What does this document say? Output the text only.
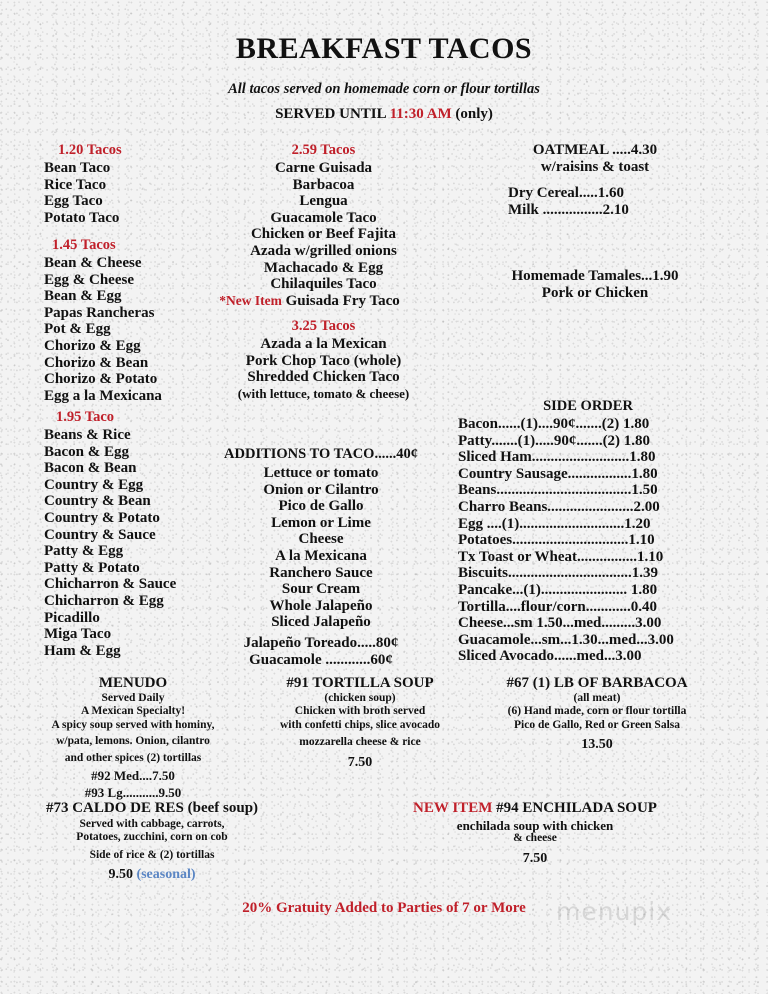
menupix
BREAKFAST TACOS
All tacos served on homemade corn or flour tortillas
SERVED UNTIL 11:30 AM (only)
1.20 Tacos
Bean Taco
Rice Taco
Egg Taco
Potato Taco
1.45 Tacos
Bean & Cheese
Egg & Cheese
Bean & Egg
Papas Rancheras
Pot & Egg
Chorizo & Egg
Chorizo & Bean
Chorizo & Potato
Egg a la Mexicana
1.95 Taco
Beans & Rice
Bacon & Egg
Bacon & Bean
Country & Egg
Country & Bean
Country & Potato
Country & Sauce
Patty & Egg
Patty & Potato
Chicharron & Sauce
Chicharron & Egg
Picadillo
Miga Taco
Ham & Egg
2.59 Tacos
Carne Guisada
Barbacoa
Lengua
Guacamole Taco
Chicken or Beef Fajita
Azada w/grilled onions
Machacado & Egg
Chilaquiles Taco
*New Item Guisada Fry Taco
3.25 Tacos
Azada a la Mexican
Pork Chop Taco (whole)
Shredded Chicken Taco
(with lettuce, tomato & cheese)
ADDITIONS TO TACO......40¢
Lettuce or tomato
Onion or Cilantro
Pico de Gallo
Lemon or Lime
Cheese
A la Mexicana
Ranchero Sauce
Sour Cream
Whole Jalapeño
Sliced Jalapeño
Jalapeño Toreado.....80¢
Guacamole ............60¢
OATMEAL .....4.30
w/raisins & toast
Dry Cereal.....1.60
Milk ................2.10
Homemade Tamales...1.90
Pork or Chicken
SIDE ORDER
Bacon......(1)....90¢.......(2) 1.80
Patty.......(1).....90¢.......(2) 1.80
Sliced Ham..........................1.80
Country Sausage.................1.80
Beans....................................1.50
Charro Beans.......................2.00
Egg ....(1)............................1.20
Potatoes...............................1.10
Tx Toast or Wheat................1.10
Biscuits.................................1.39
Pancake...(1)....................... 1.80
Tortilla....flour/corn............0.40
Cheese...sm 1.50...med.........3.00
Guacamole...sm...1.30...med...3.00
Sliced Avocado......med...3.00
MENUDO
Served Daily
A Mexican Specialty!
A spicy soup served with hominy,
w/pata, lemons. Onion, cilantro
and other spices (2) tortillas
#92 Med....7.50
#93 Lg...........9.50
#91 TORTILLA SOUP
(chicken soup)
Chicken with broth served
with confetti chips, slice avocado
mozzarella cheese & rice
7.50
#67 (1) LB OF BARBACOA
(all meat)
(6) Hand made, corn or flour tortilla
Pico de Gallo, Red or Green Salsa
13.50
#73 CALDO DE RES (beef soup)
Served with cabbage, carrots,
Potatoes, zucchini, corn on cob
Side of rice & (2) tortillas
9.50 (seasonal)
NEW ITEM #94 ENCHILADA SOUP
enchilada soup with chicken
& cheese
7.50
20% Gratuity Added to Parties of 7 or More
